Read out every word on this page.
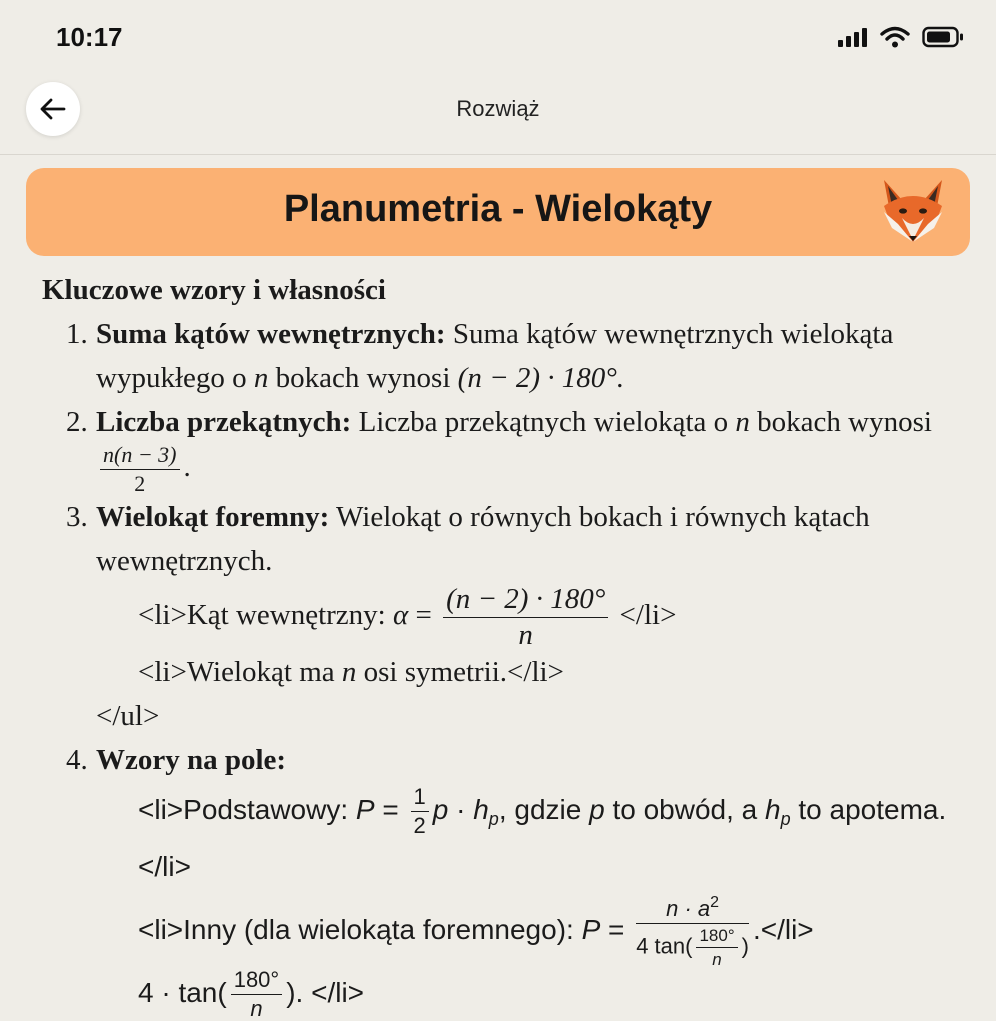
10:17
Rozwiąż
Planumetria - Wielokąty
Kluczowe wzory i własności
1. Suma kątów wewnętrznych: Suma kątów wewnętrznych wielokąta wypukłego o n bokach wynosi (n − 2) · 180°.
2. Liczba przekątnych: Liczba przekątnych wielokąta o n bokach wynosi
$\frac{n(n - 3)}{2}$ .
3. Wielokąt foremny: Wielokąt o równych bokach i równych kątach wewnętrznych.
<li>Kąt wewnętrzny: $\alpha = \frac{(n - 2) \cdot 180^\circ}{n} </li>$
<li>Wielokąt ma n osi symetrii.</li>
</ul>
4. Wzory na pole:
<li>Podstawowy: $P = \frac{1}{2}$ $p \cdot h_p$, gdzie p to obwód, a $h_p$ to apotema.</li>
<li>Inny (dla wielokąta foremnego): $P = \frac{n \cdot a^2}{4 \tan( \frac{180^\circ}{n} )} .</li>$
$4 \cdot \tan( \frac{180^\circ}{n}$ ). </li>
